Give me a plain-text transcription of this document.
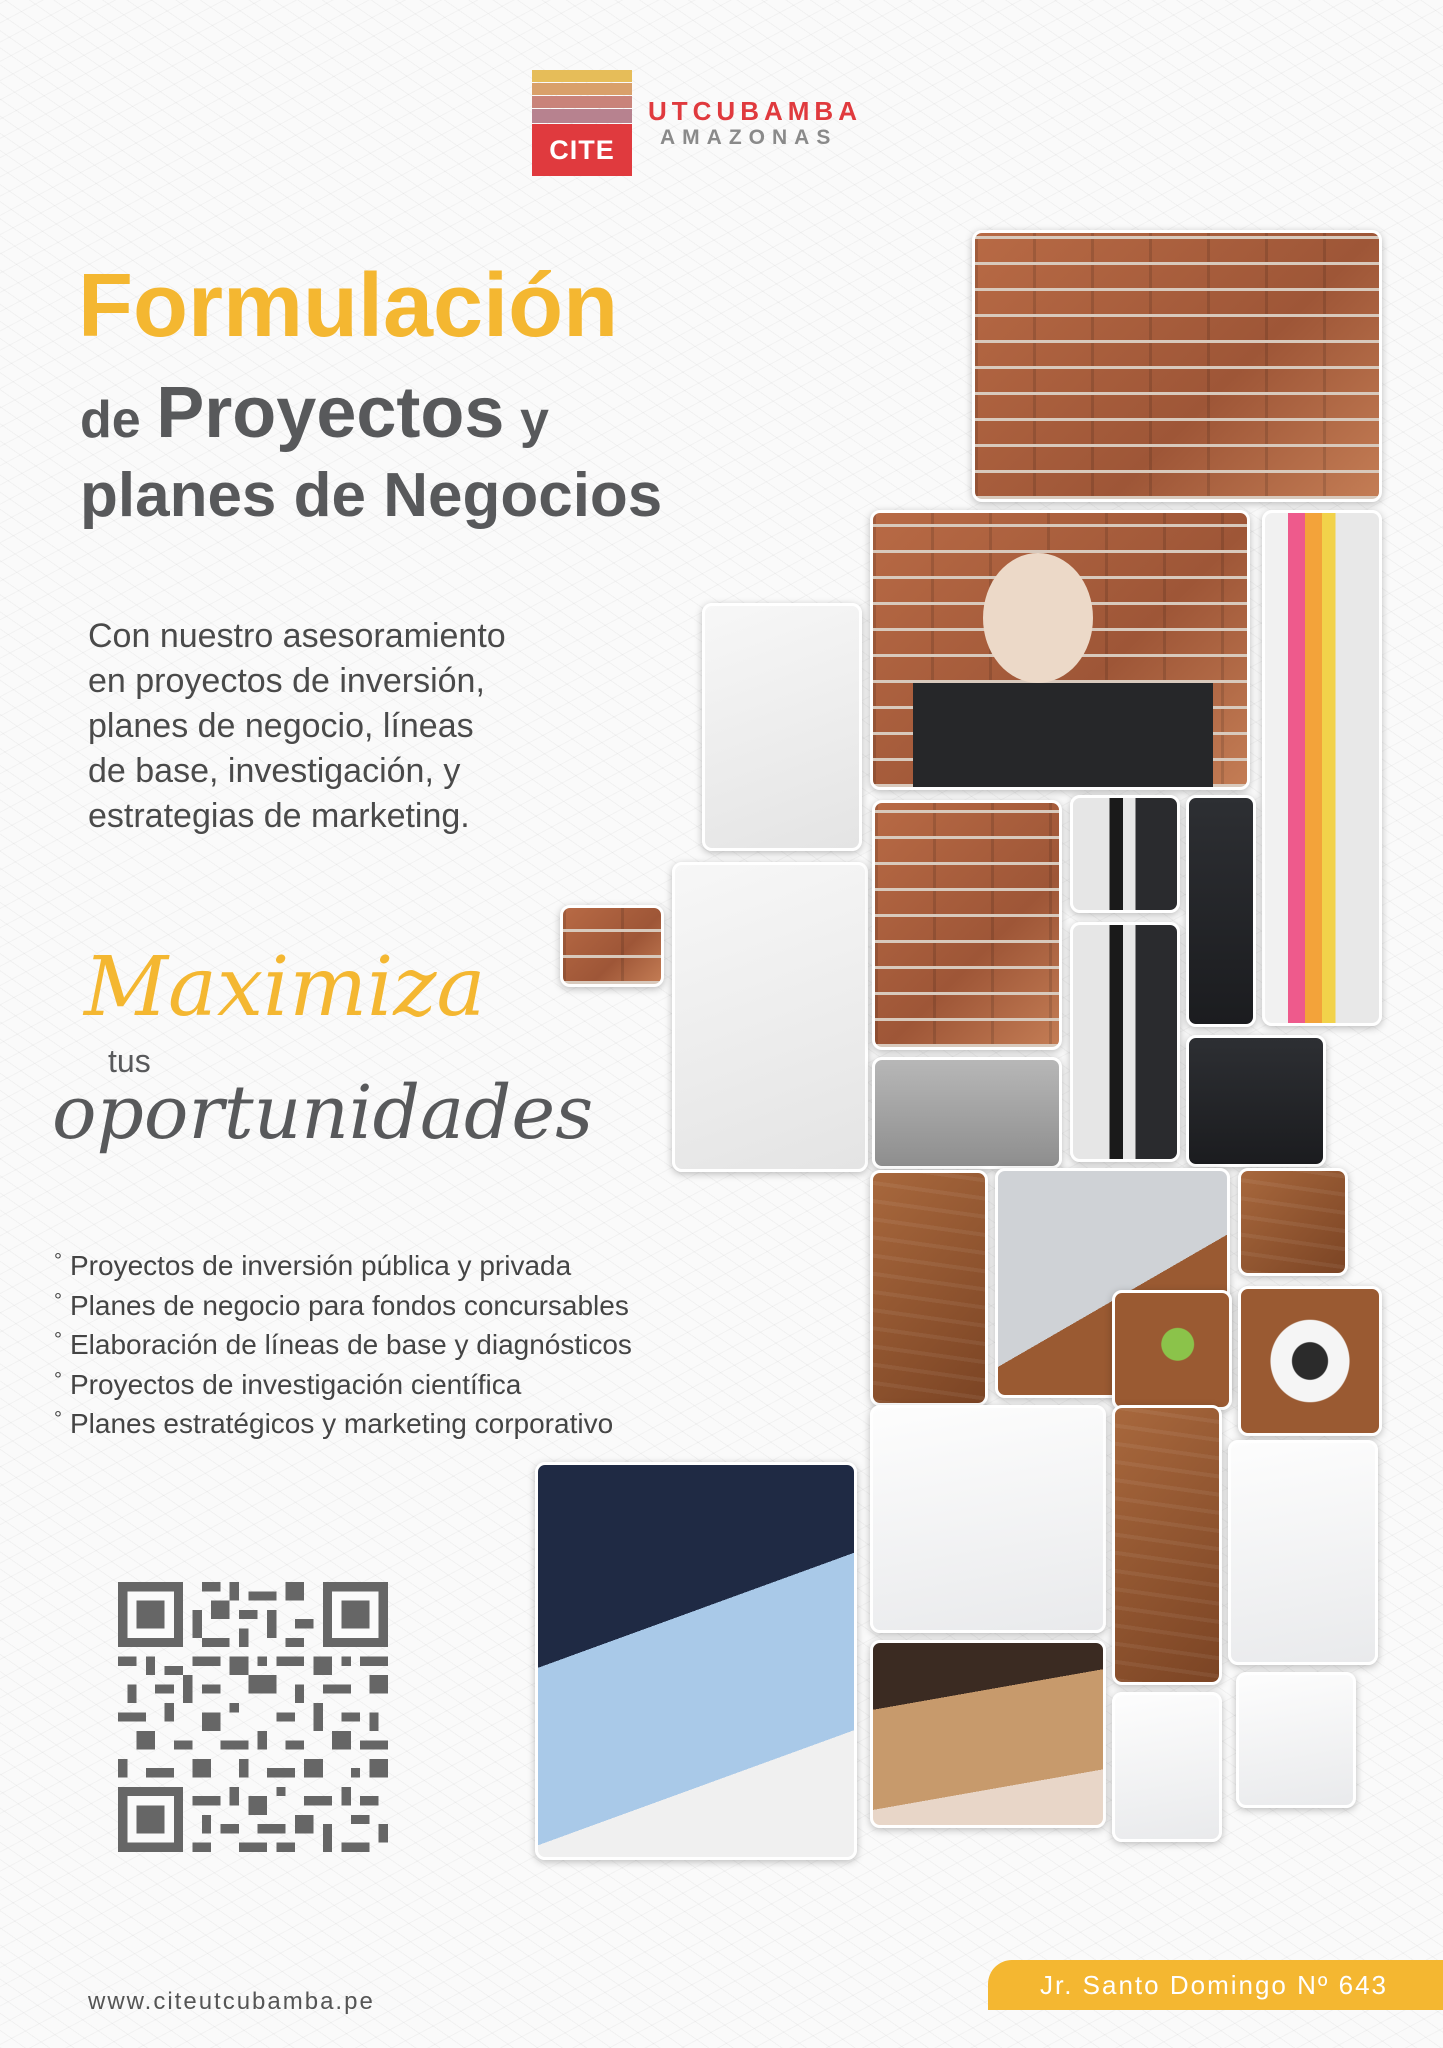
CITE
UTCUBAMBA
AMAZONAS
Formulación
de Proyectos y
planes de Negocios

Con nuestro asesoramiento
en proyectos de inversión,
planes de negocio, líneas
de base, investigación, y
estrategias de marketing.

Maximiza
tus
oportunidades
° Proyectos de inversión pública y privada
° Planes de negocio para fondos concursables
° Elaboración de líneas de base y diagnósticos
° Proyectos de investigación científica
° Planes estratégicos y marketing corporativo
www.citeutcubamba.pe
Jr. Santo Domingo Nº 643
